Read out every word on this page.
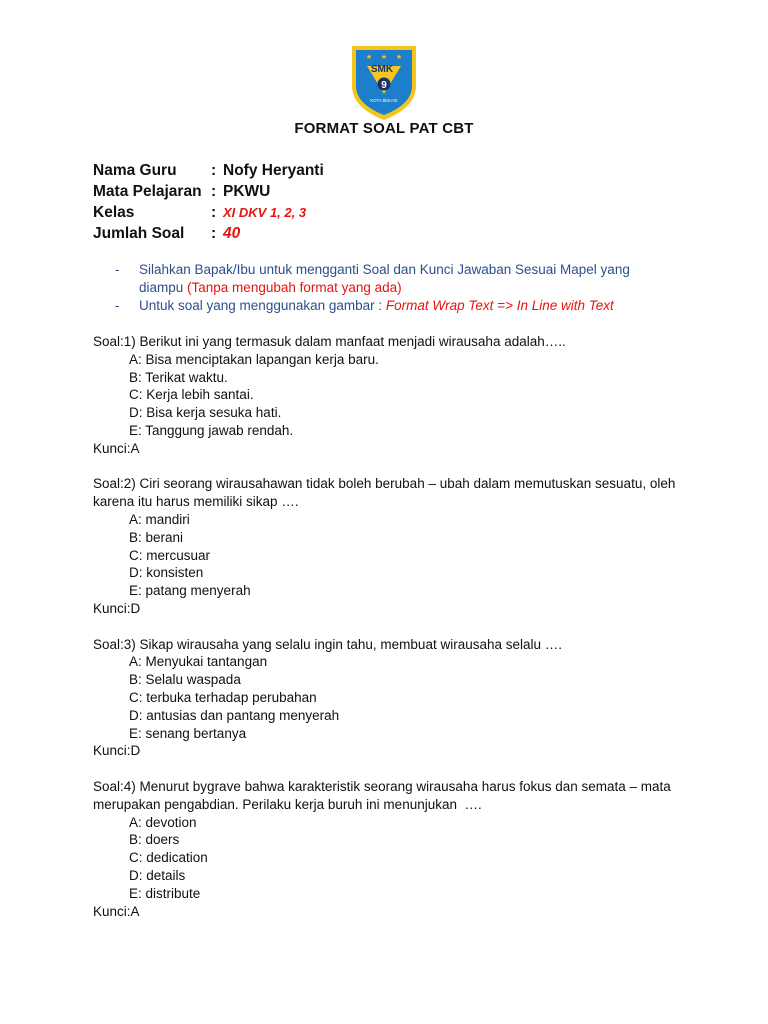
★ ★ ★
SMK
9
KOTA BEKASI
FORMAT SOAL PAT CBT
Nama Guru	: Nofy Heryanti
Mata Pelajaran : PKWU
Kelas	: XI DKV 1, 2, 3
Jumlah Soal	: 40
-	Silahkan Bapak/Ibu untuk mengganti Soal dan Kunci Jawaban Sesuai Mapel yang diampu (Tanpa mengubah format yang ada)
-	Untuk soal yang menggunakan gambar : Format Wrap Text => In Line with Text
Soal:1) Berikut ini yang termasuk dalam manfaat menjadi wirausaha adalah…..
A: Bisa menciptakan lapangan kerja baru.
B: Terikat waktu.
C: Kerja lebih santai.
D: Bisa kerja sesuka hati.
E: Tanggung jawab rendah.
Kunci:A
Soal:2) Ciri seorang wirausahawan tidak boleh berubah – ubah dalam memutuskan sesuatu, oleh karena itu harus memiliki sikap ….
A: mandiri
B: berani
C: mercusuar
D: konsisten
E: patang menyerah
Kunci:D
Soal:3) Sikap wirausaha yang selalu ingin tahu, membuat wirausaha selalu ….
A: Menyukai tantangan
B: Selalu waspada
C: terbuka terhadap perubahan
D: antusias dan pantang menyerah
E: senang bertanya
Kunci:D
Soal:4) Menurut bygrave bahwa karakteristik seorang wirausaha harus fokus dan semata – mata merupakan pengabdian. Perilaku kerja buruh ini menunjukan  ….
A: devotion
B: doers
C: dedication
D: details
E: distribute
Kunci:A
